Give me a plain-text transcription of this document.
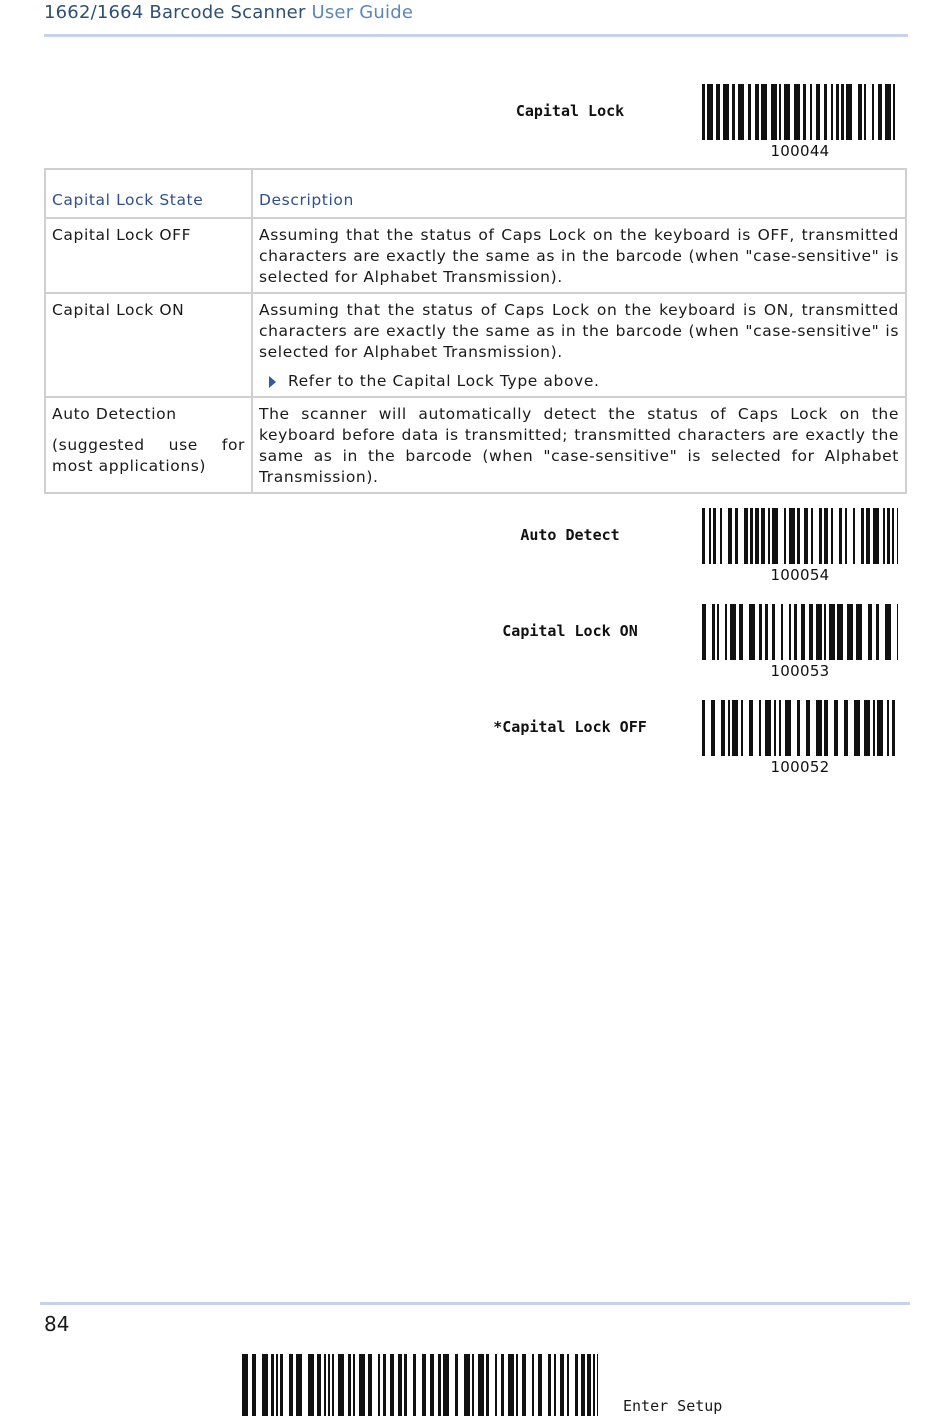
1662/1664 Barcode Scanner User Guide
Capital Lock
100044
Capital Lock State	Description

Capital Lock OFF	Assuming that the status of Caps Lock on the keyboard is OFF, transmitted characters are exactly the same as in the barcode (when "case-sensitive" is selected for Alphabet Transmission).

Capital Lock ON	Assuming that the status of Caps Lock on the keyboard is ON, transmitted characters are exactly the same as in the barcode (when "case-sensitive" is selected for Alphabet Transmission).

Refer to the Capital Lock Type above.

Auto Detection

(suggested use for most applications)	The scanner will automatically detect the status of Caps Lock on the keyboard before data is transmitted; transmitted characters are exactly the same as in the barcode (when "case-sensitive" is selected for Alphabet Transmission).

Auto Detect
100054
Capital Lock ON
100053
*Capital Lock OFF
100052
84
Enter Setup
